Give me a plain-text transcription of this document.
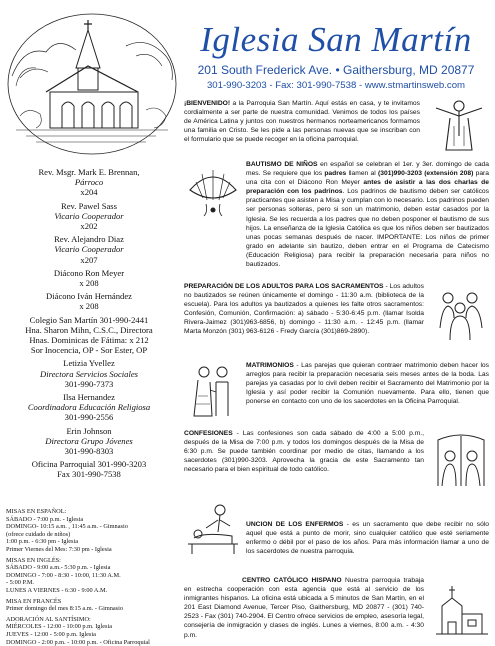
Iglesia San Martín
201 South Frederick Ave. • Gaithersburg, MD 20877
301-990-3203 - Fax: 301-990-7538 - www.stmartinsweb.com
Rev. Msgr. Mark E. Brennan,
Párroco
x204
Rev. Pawel Sass
Vicario Cooperador
x202
Rev. Alejandro Diaz
Vicario Cooperador
x207
Diácono Ron Meyer
x 208
Diácono Iván Hernández
x 208
Colegio San Martín 301-990-2441
Hna. Sharon Mihn, C.S.C., Directora
Hnas. Dominicas de Fátima: x 212
Sor Inocencia, OP - Sor Ester, OP
Letizia Yvellez
Directora Servicios Sociales
301-990-7373
Ilsa Hernandez
Coordinadora Educación Religiosa
301-990-2556
Erin Johnson
Directora Grupo Jóvenes
301-990-8303
Oficina Parroquial 301-990-3203
Fax 301-990-7538
MISAS EN ESPAÑOL:
SÁBADO - 7:00 p.m. - Iglesia
DOMINGO- 10:15 a.m. , 11:45 a.m. - Gimnasio
(ofrece cuidado de niños)
1:00 p.m. - 6:30 pm - Iglesia
Primer Viernes del Mes: 7:30 pm - Iglesia
MISAS EN INGLÉS:
SÁBADO - 9:00 a.m.- 5:30 p.m. - Iglesia
DOMINGO - 7:00 - 8:30 - 10:00, 11:30 A.M.
- 5:00 P.M.
LUNES A VIERNES - 6:30 - 9:00 A.M.
MISA EN FRANCÉS
Primer domingo del mes 8:15 a.m. - Gimnasio
ADORACIÓN AL SANTÍSIMO:
MIÉRCOLES - 12:00 - 10:00 p.m. Iglesia
JUEVES - 12:00 - 5:00 p.m. Iglesia
DOMINGO - 2:00 p.m. - 10:00 p.m. - Oficina Parroquial
¡BIENVENIDO! a la Parroquia San Martín. Aquí estás en casa, y te invitamos cordialmente a ser parte de nuestra comunidad. Venimos de todos los países de América Latina y juntos con nuestros hermanos norteamericanos formamos una familia en Cristo. Se les pide a las personas nuevas que se inscriban con el formulario que se puede recoger en la oficina parroquial.
BAUTISMO DE NIÑOS en español se celebran el 1er. y 3er. domingo de cada mes. Se requiere que los padres llamen al (301)990-3203 (extensión 208) para una cita con el Diácono Ron Meyer antes de asistir a las dos charlas de preparación con los padrinos. Los padrinos de bautismo deben ser católicos practicantes que asisten a Misa y cumplan con lo necesario. Los padrinos pueden ser personas solteras, pero si son un matrimonio, deben estar casados por la Iglesia. Se les recuerda a los padres que no deben posponer el bautismo de sus hijos. La enseñanza de la Iglesia Católica es que los niños deben ser bautizados unas pocas semanas después de nacer. IMPORTANTE: Los niños de primer grado en adelante sin bautizo, deben entrar en el Programa de Catecismo (Educación Religiosa) para recibir la preparación necesaria para niños no bautizados.
PREPARACIÓN DE LOS ADULTOS PARA LOS SACRAMENTOS - Los adultos no bautizados se reúnen únicamente el domingo - 11:30 a.m. (biblioteca de la escuela). Para los adultos ya bautizados a quienes les falte otros sacramentos: Confesión, Comunión, Confirmación: a) sábado - 5:30-6:45 p.m. (llamar Isolda Rivera-Jaimez (301)963-6856, b) domingo - 11:30 a.m. - 12:45 p.m. (llamar Marta Monzón (301) 963-6126 - Fredy García (301)869-2890).
MATRIMONIOS - Las parejas que quieran contraer matrimonio deben hacer los arreglos para recibir la preparación necesaria seis meses antes de la boda. Las parejas ya casadas por lo civil deben recibir el Sacramento del Matrimonio por la Iglesia y así poder recibir la Comunión nuevamente. Para ello, tienen que ponerse en contacto con uno de los sacerdotes en la Oficina Parroquial.
CONFESIONES - Las confesiones son cada sábado de 4:00 a 5:00 p.m., después de la Misa de 7:00 p.m. y todos los domingos después de la Misa de 6:30 p.m. Se puede también coordinar por medio de citas, llamando a los sacerdotes (301)990-3203. Aprovecha la gracia de este Sacramento tan necesario para el bien espiritual de todo católico.
UNCION DE LOS ENFERMOS - es un sacramento que debe recibir no sólo aquel que está a punto de morir, sino cualquier católico que esté seriamente enfermo o débil por el paso de los años. Para más información llamar a uno de los sacerdotes de nuestra parroquia.
CENTRO CATÓLICO HISPANO Nuestra parroquia trabaja en estrecha cooperación con esta agencia que está al servicio de los inmigrantes hispanos. La oficina está ubicada a 5 minutos de San Martín, en el 201 East Diamond Avenue, Tercer Piso, Gaithersburg, MD 20877 - (301) 740-2523 - Fax (301) 740-2904. El Centro ofrece servicios de empleo, asesoría legal, consejería de inmigración y clases de inglés. Lunes a viernes, 8:00 a.m. - 4:30 p.m.
